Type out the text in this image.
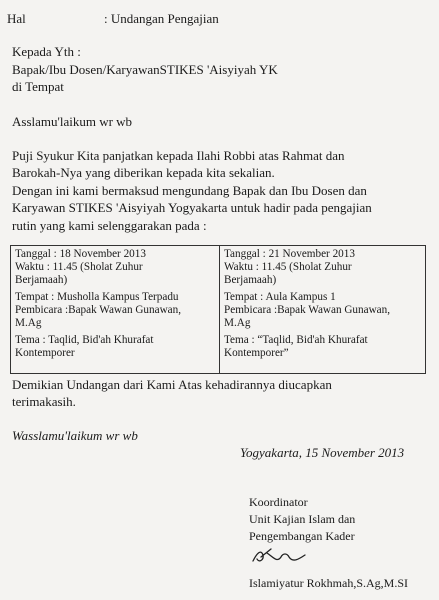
Hal	: Undangan Pengajian
Kepada Yth :
Bapak/Ibu Dosen/KaryawanSTIKES 'Aisyiyah YK
di Tempat
Asslamu'laikum wr wb
Puji Syukur Kita panjatkan kepada Ilahi Robbi atas Rahmat dan
Barokah-Nya yang diberikan kepada kita sekalian.
Dengan ini kami bermaksud mengundang Bapak dan Ibu Dosen dan
Karyawan STIKES 'Aisyiyah Yogyakarta untuk hadir pada pengajian
rutin yang kami selenggarakan pada :
Tanggal : 18 November 2013
Waktu : 11.45 (Sholat Zuhur
Berjamaah)
Tempat : Musholla Kampus Terpadu
Pembicara :Bapak Wawan Gunawan,
M.Ag
Tema : Taqlid, Bid'ah Khurafat
Kontemporer
Tanggal : 21 November 2013
Waktu : 11.45 (Sholat Zuhur
Berjamaah)
Tempat : Aula Kampus 1
Pembicara :Bapak Wawan Gunawan,
M.Ag
Tema : “Taqlid, Bid'ah Khurafat
Kontemporer”
Demikian Undangan dari Kami Atas kehadirannya diucapkan
terimakasih.
Wasslamu'laikum wr wb
Yogyakarta, 15 November 2013
Koordinator
Unit Kajian Islam dan
Pengembangan Kader
Islamiyatur Rokhmah,S.Ag,M.SI
